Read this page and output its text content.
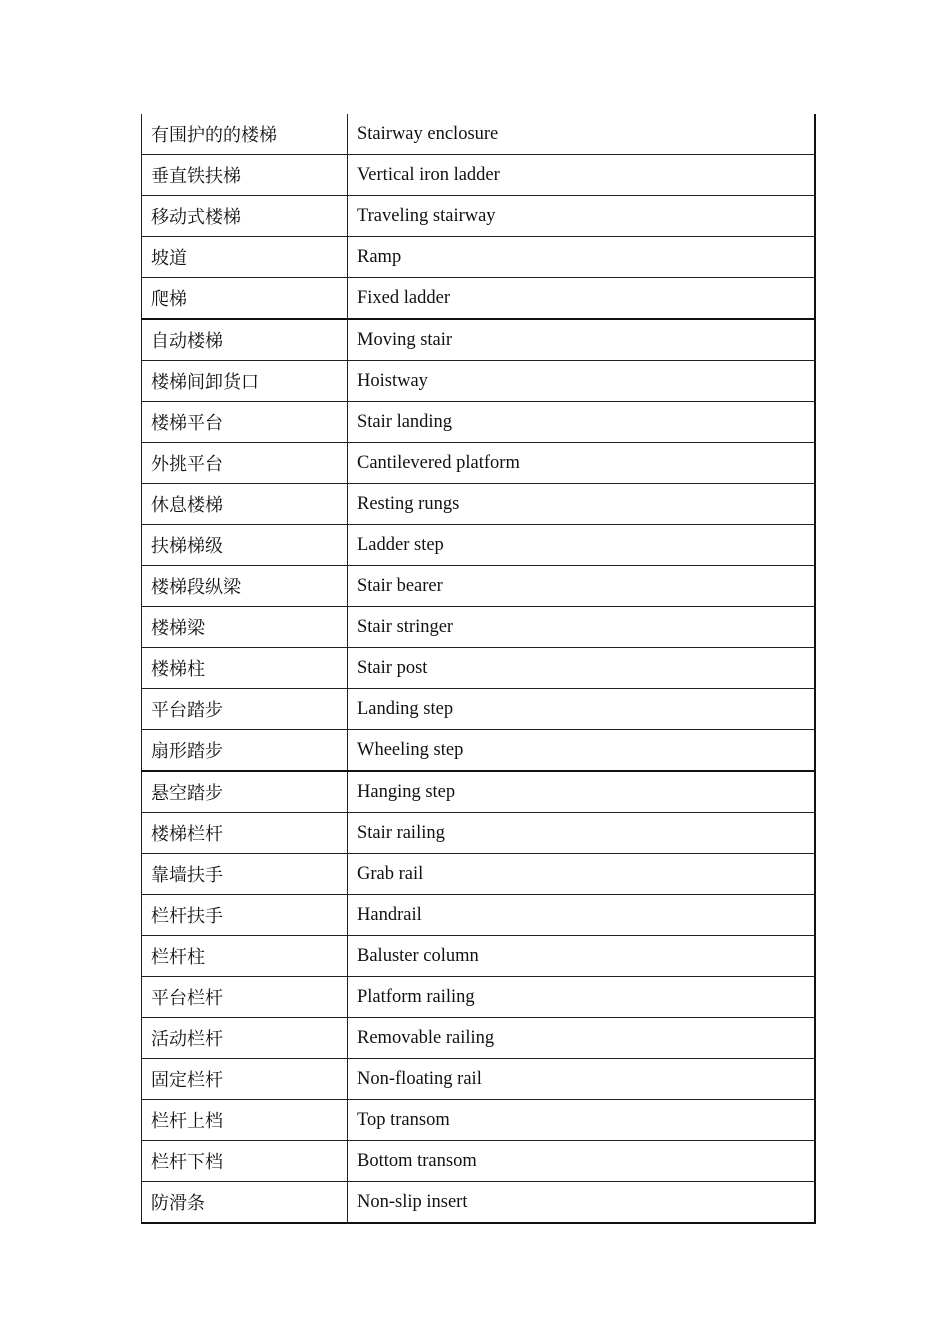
有围护的的楼梯	Stairway enclosure
垂直铁扶梯	Vertical iron ladder
移动式楼梯	Traveling stairway
坡道	Ramp
爬梯	Fixed ladder
自动楼梯	Moving stair
楼梯间卸货口	Hoistway
楼梯平台	Stair landing
外挑平台	Cantilevered platform
休息楼梯	Resting rungs
扶梯梯级	Ladder step
楼梯段纵梁	Stair bearer
楼梯梁	Stair stringer
楼梯柱	Stair post
平台踏步	Landing step
扇形踏步	Wheeling step
悬空踏步	Hanging step
楼梯栏杆	Stair railing
靠墙扶手	Grab rail
栏杆扶手	Handrail
栏杆柱	Baluster column
平台栏杆	Platform railing
活动栏杆	Removable railing
固定栏杆	Non-floating rail
栏杆上档	Top transom
栏杆下档	Bottom transom
防滑条	Non-slip insert
